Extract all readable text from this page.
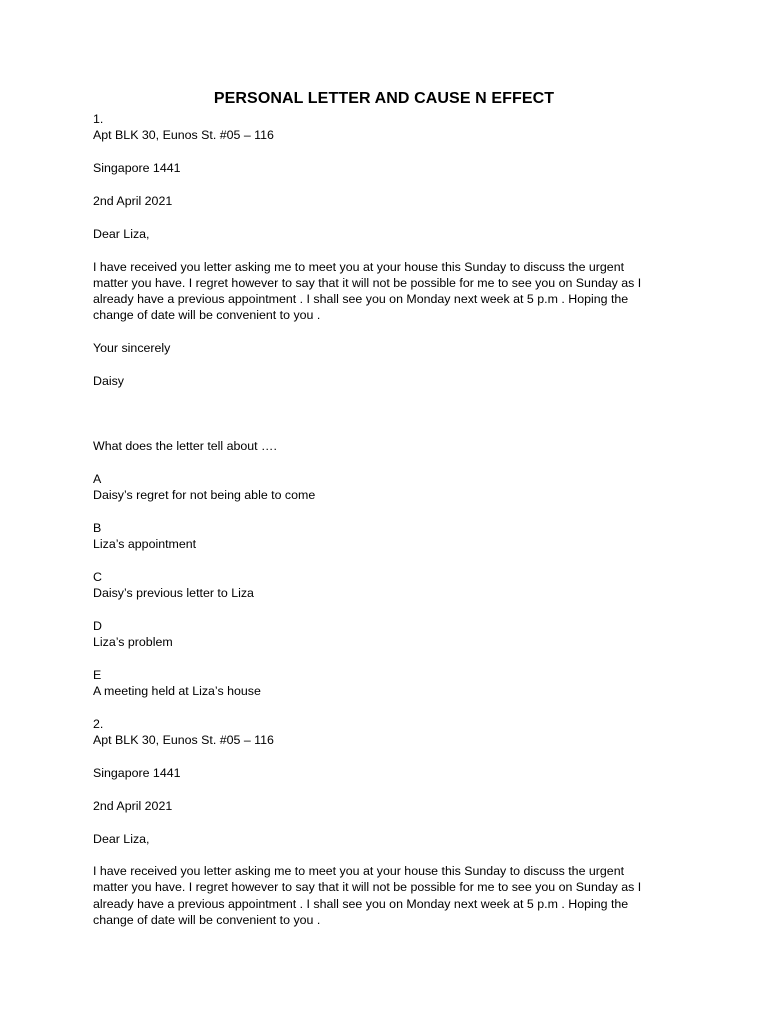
PERSONAL LETTER AND CAUSE N EFFECT
1.
Apt BLK 30, Eunos St. #05 – 116
Singapore 1441
2nd April 2021
Dear Liza,
I have received you letter asking me to meet you at your house this Sunday to discuss the urgent
matter you have. I regret however to say that it will not be possible for me to see you on Sunday as I
already have a previous appointment . I shall see you on Monday next week at 5 p.m . Hoping the
change of date will be convenient to you .
Your sincerely
Daisy
What does the letter tell about ….
A
Daisy’s regret for not being able to come
B
Liza’s appointment
C
Daisy’s previous letter to Liza
D
Liza’s problem
E
A meeting held at Liza’s house
2.
Apt BLK 30, Eunos St. #05 – 116
Singapore 1441
2nd April 2021
Dear Liza,
I have received you letter asking me to meet you at your house this Sunday to discuss the urgent
matter you have. I regret however to say that it will not be possible for me to see you on Sunday as I
already have a previous appointment . I shall see you on Monday next week at 5 p.m . Hoping the
change of date will be convenient to you .
